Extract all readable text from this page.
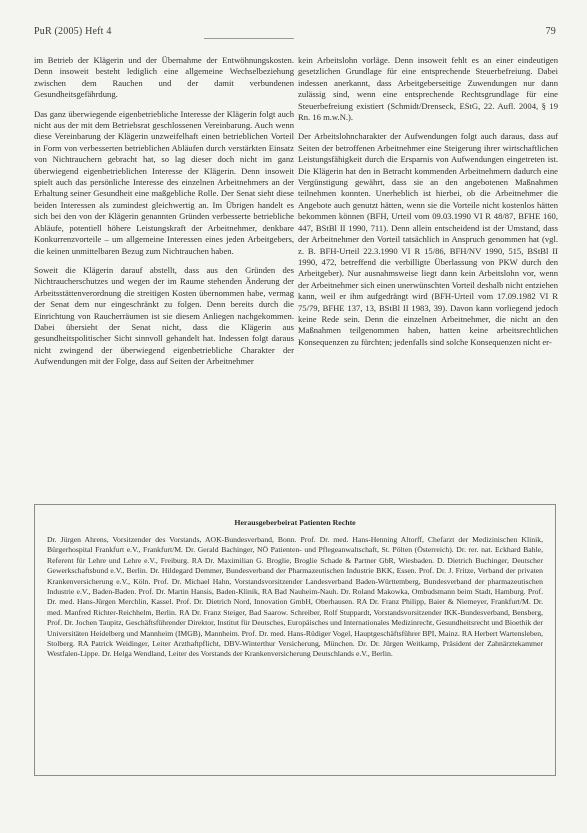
PuR (2005) Heft 4	79

im Betrieb der Klägerin und der Übernahme der Entwöhnungskosten. Denn insoweit besteht lediglich eine allgemeine Wechselbeziehung zwischen dem Rauchen und der damit verbundenen Gesundheitsgefährdung.

Das ganz überwiegende eigenbetriebliche Interesse der Klägerin folgt auch nicht aus der mit dem Betriebsrat geschlossenen Vereinbarung. Auch wenn diese Vereinbarung der Klägerin unzweifelhaft einen betrieblichen Vorteil in Form von verbesserten betrieblichen Abläufen durch verstärkten Einsatz von Nichtrauchern gebracht hat, so lag dieser doch nicht im ganz überwiegend eigenbetrieblichen Interesse der Klägerin. Denn insoweit spielt auch das persönliche Interesse des einzelnen Arbeitnehmers an der Erhaltung seiner Gesundheit eine maßgebliche Rolle. Der Senat sieht diese beiden Interessen als zumindest gleichwertig an. Im Übrigen handelt es sich bei den von der Klägerin genannten Gründen verbesserte betriebliche Abläufe, potentiell höhere Leistungskraft der Arbeitnehmer, denkbare Konkurrenzvorteile – um allgemeine Interessen eines jeden Arbeitgebers, die keinen unmittelbaren Bezug zum Nichtrauchen haben.

Soweit die Klägerin darauf abstellt, dass aus den Gründen des Nichtraucherschutzes und wegen der im Raume stehenden Änderung der Arbeitsstättenverordnung die streitigen Kosten übernommen habe, vermag der Senat dem nur eingeschränkt zu folgen. Denn bereits durch die Einrichtung von Raucherräumen ist sie diesem Anliegen nachgekommen. Dabei übersieht der Senat nicht, dass die Klägerin aus gesundheitspolitischer Sicht sinnvoll gehandelt hat. Indessen folgt daraus nicht zwingend der überwiegend eigenbetriebliche Charakter der Aufwendungen mit der Folge, dass auf Seiten der Arbeitnehmer

kein Arbeitslohn vorläge. Denn insoweit fehlt es an einer eindeutigen gesetzlichen Grundlage für eine entsprechende Steuerbefreiung. Dabei indessen anerkannt, dass Arbeitgeberseitige Zuwendungen nur dann zulässig sind, wenn eine entsprechende Rechtsgrundlage für eine Steuerbefreiung existiert (Schmidt/Drenseck, EStG, 22. Aufl. 2004, § 19 Rn. 16 m.w.N.).

Der Arbeitslohncharakter der Aufwendungen folgt auch daraus, dass auf Seiten der betroffenen Arbeitnehmer eine Steigerung ihrer wirtschaftlichen Leistungsfähigkeit durch die Ersparnis von Aufwendungen eingetreten ist. Die Klägerin hat den in Betracht kommenden Arbeitnehmern dadurch eine Vergünstigung gewährt, dass sie an den angebotenen Maßnahmen teilnehmen konnten. Unerheblich ist hierbei, ob die Arbeitnehmer die Angebote auch genutzt hätten, wenn sie die Vorteile nicht kostenlos hätten bekommen können (BFH, Urteil vom 09.03.1990 VI R 48/87, BFHE 160, 447, BStBl II 1990, 711). Denn allein entscheidend ist der Umstand, dass der Arbeitnehmer den Vorteil tatsächlich in Anspruch genommen hat (vgl. z. B. BFH-Urteil 22.3.1990 VI R 15/86, BFH/NV 1990, 515, BStBl II 1990, 472, betreffend die verbilligte Überlassung von PKW durch den Arbeitgeber). Nur ausnahmsweise liegt dann kein Arbeitslohn vor, wenn der Arbeitnehmer sich einen unerwünschten Vorteil deshalb nicht entziehen kann, weil er ihm aufgedrängt wird (BFH-Urteil vom 17.09.1982 VI R 75/79, BFHE 137, 13, BStBl II 1983, 39). Davon kann vorliegend jedoch keine Rede sein. Denn die einzelnen Arbeitnehmer, die nicht an den Maßnahmen teilgenommen haben, hatten keine arbeitsrechtlichen Konsequenzen zu fürchten; jedenfalls sind solche Konsequenzen nicht er-

Herausgeberbeirat Patienten Rechte

Dr. Jürgen Ahrens, Vorsitzender des Vorstands, AOK-Bundesverband, Bonn. Prof. Dr. med. Hans-Henning Altorff, Chefarzt der Medizinischen Klinik, Bürgerhospital Frankfurt e.V., Frankfurt/M. Dr. Gerald Bachinger, NÖ Patienten- und Pflegeanwaltschaft, St. Pölten (Österreich). Dr. rer. nat. Eckhard Bahle, Referent für Lehre und Lehre e.V., Freiburg. RA Dr. Maximilian G. Broglie, Broglie Schade & Partner GbR, Wiesbaden. D. Dietrich Buchinger, Deutscher Gewerkschaftsbund e.V., Berlin. Dr. Hildegard Demmer, Bundesverband der Pharmazeutischen Industrie BKK, Essen. Prof. Dr. J. Fritze, Verband der privaten Krankenversicherung e.V., Köln. Prof. Dr. Michael Hahn, Vorstandsvorsitzender Landesverband Baden-Württemberg, Bundesverband der pharmazeutischen Industrie e.V., Baden-Baden. Prof. Dr. Martin Hansis, Baden-Klinik, RA Bad Nauheim-Nauh. Dr. Roland Makowka, Ombudsmann beim Stadt, Hamburg. Prof. Dr. med. Hans-Jürgen Merchlin, Kassel. Prof. Dr. Dietrich Nord, Innovation GmbH, Oberhausen. RA Dr. Franz Philipp, Baier & Niemeyer, Frankfurt/M. Dr. med. Manfred Richter-Reichhelm, Berlin. RA Dr. Franz Steiger, Bad Saarow. Schreiber, Rolf Stuppardt, Vorstandsvorsitzender IKK-Bundesverband, Bensberg, Prof. Dr. Jochen Taupitz, Geschäftsführender Direktor, Institut für Deutsches, Europäisches und Internationales Medizinrecht, Gesundheitsrecht und Bioethik der Universitäten Heidelberg und Mannheim (IMGB), Mannheim. Prof. Dr. med. Hans-Rüdiger Vogel, Hauptgeschäftsführer BPI, Mainz. RA Herbert Wartensleben, Stolberg. RA Patrick Weidinger, Leiter Arzthaftpflicht, DBV-Winterthur Versicherung, München. Dr. Dr. Jürgen Weitkamp, Präsident der Zahnärztekammer Westfalen-Lippe. Dr. Helga Wendland, Leiter des Vorstands der Krankenversicherung Deutschlands e.V., Berlin.
